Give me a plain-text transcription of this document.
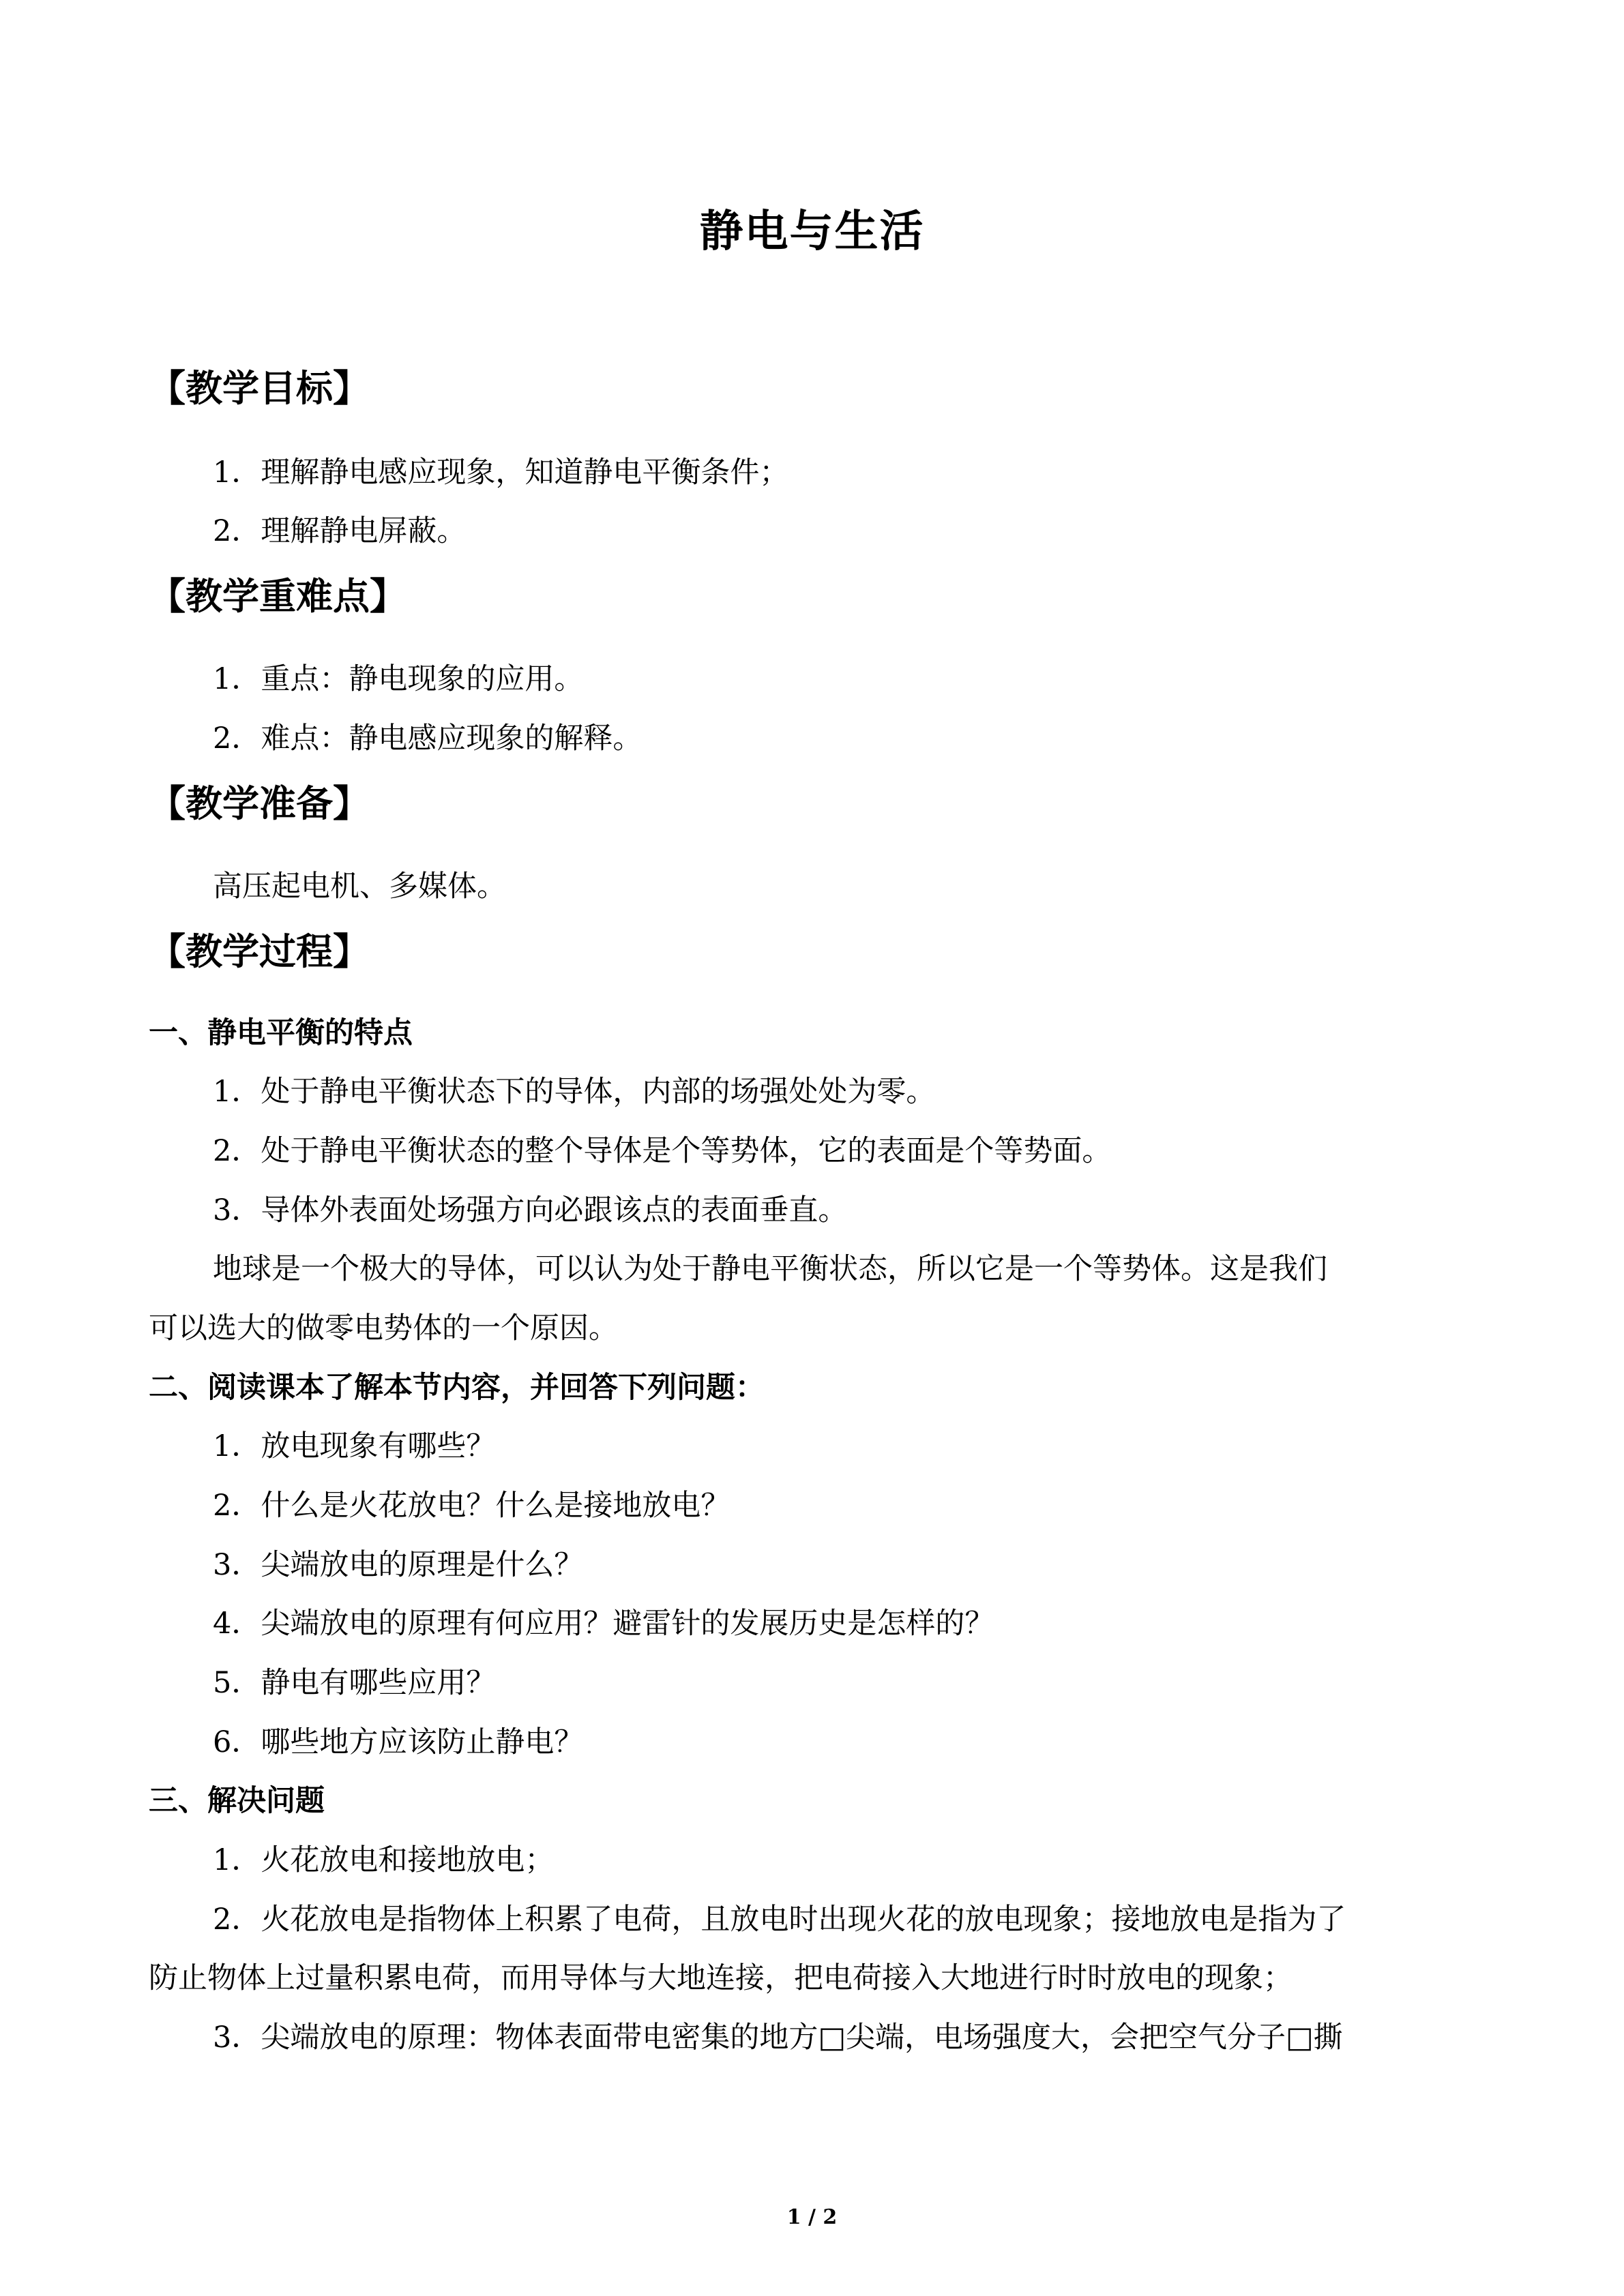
静电与生活
【教学目标】
1．理解静电感应现象，知道静电平衡条件；
2．理解静电屏蔽。
【教学重难点】
1．重点：静电现象的应用。
2．难点：静电感应现象的解释。
【教学准备】
高压起电机、多媒体。
【教学过程】
一、静电平衡的特点
1．处于静电平衡状态下的导体，内部的场强处处为零。
2．处于静电平衡状态的整个导体是个等势体，它的表面是个等势面。
3．导体外表面处场强方向必跟该点的表面垂直。
地球是一个极大的导体，可以认为处于静电平衡状态，所以它是一个等势体。这是我们
可以选大的做零电势体的一个原因。
二、阅读课本了解本节内容，并回答下列问题：
1．放电现象有哪些？
2．什么是火花放电？什么是接地放电？
3．尖端放电的原理是什么？
4．尖端放电的原理有何应用？避雷针的发展历史是怎样的？
5．静电有哪些应用？
6．哪些地方应该防止静电？
三、解决问题
1．火花放电和接地放电；
2．火花放电是指物体上积累了电荷，且放电时出现火花的放电现象；接地放电是指为了
防止物体上过量积累电荷，而用导体与大地连接，把电荷接入大地进行时时放电的现象；
3．尖端放电的原理：物体表面带电密集的地方□尖端，电场强度大，会把空气分子□撕
1 / 2
